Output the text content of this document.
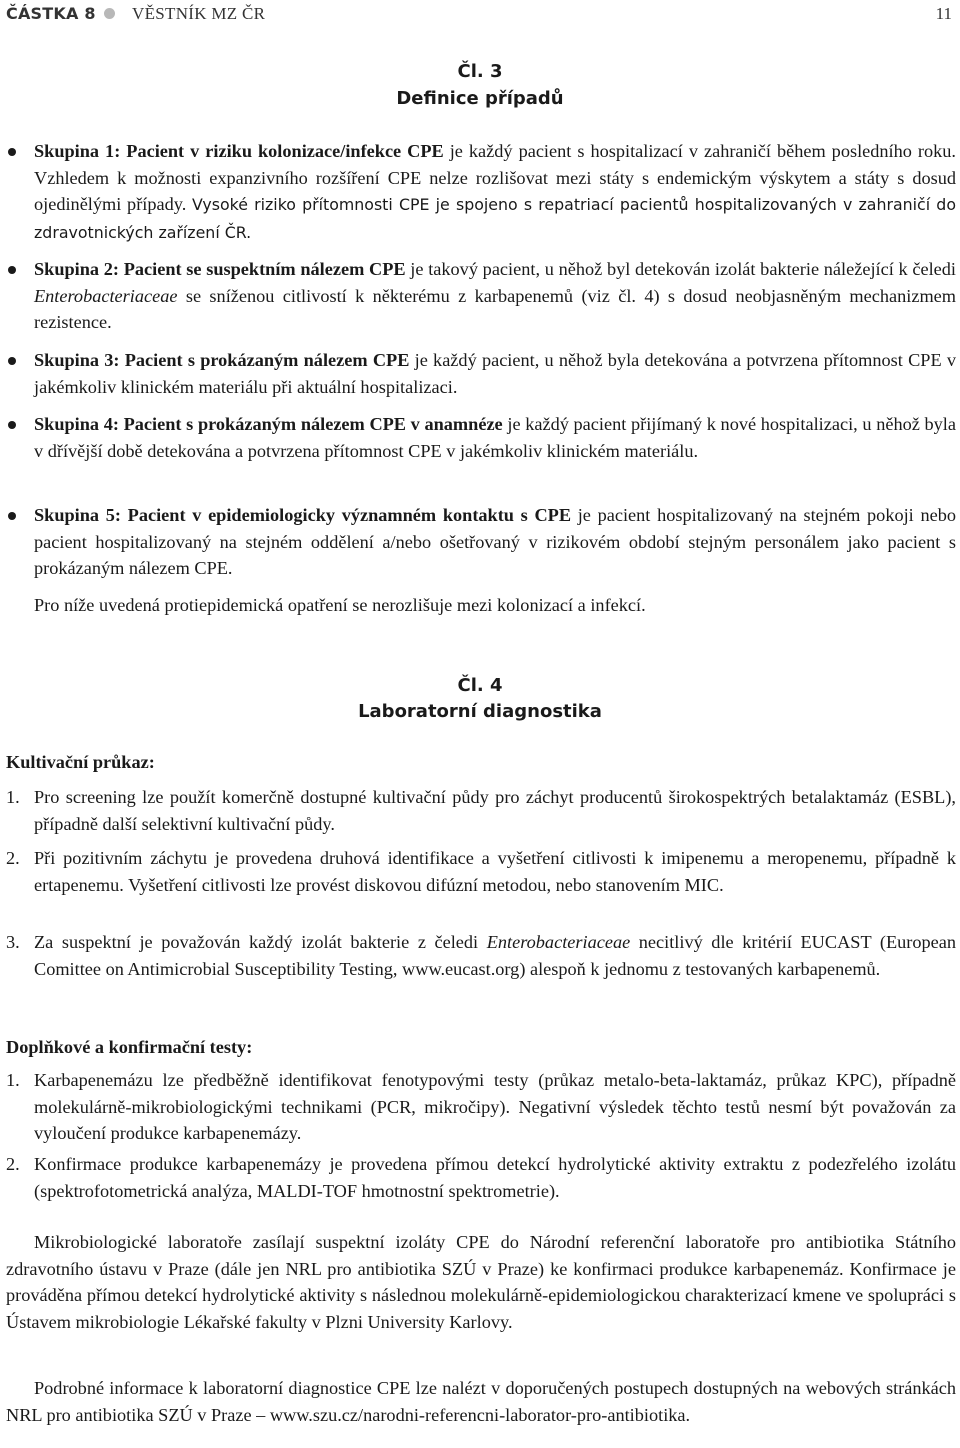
ČÁSTKA 8 VĚSTNÍK MZ ČR	11
Čl. 3
Definice případů
Skupina 1: Pacient v riziku kolonizace/infekce CPE je každý pacient s hospitalizací v zahraničí během posledního roku. Vzhledem k možnosti expanzivního rozšíření CPE nelze rozlišovat mezi státy s endemickým výskytem a státy s dosud ojedinělými případy. Vysoké riziko přítomnosti CPE je spojeno s repatriací pacientů hospitalizovaných v zahraničí do zdravotnických zařízení ČR.
Skupina 2: Pacient se suspektním nálezem CPE je takový pacient, u něhož byl detekován izolát bakterie náležející k čeledi Enterobacteriaceae se sníženou citlivostí k některému z karbapenemů (viz čl. 4) s dosud neobjasněným mechanizmem rezistence.
Skupina 3: Pacient s prokázaným nálezem CPE je každý pacient, u něhož byla detekována a potvrzena přítomnost CPE v jakémkoliv klinickém materiálu při aktuální hospitalizaci.
Skupina 4: Pacient s prokázaným nálezem CPE v anamnéze je každý pacient přijímaný k nové hospitalizaci, u něhož byla v dřívější době detekována a potvrzena přítomnost CPE v jakémkoliv klinickém materiálu.
Skupina 5: Pacient v epidemiologicky významném kontaktu s CPE je pacient hospitalizovaný na stejném pokoji nebo pacient hospitalizovaný na stejném oddělení a/nebo ošetřovaný v rizikovém období stejným personálem jako pacient s prokázaným nálezem CPE.
Pro níže uvedená protiepidemická opatření se nerozlišuje mezi kolonizací a infekcí.
Čl. 4
Laboratorní diagnostika
Kultivační průkaz:
1. Pro screening lze použít komerčně dostupné kultivační půdy pro záchyt producentů širokospektrých betalaktamáz (ESBL), případně další selektivní kultivační půdy.
2. Při pozitivním záchytu je provedena druhová identifikace a vyšetření citlivosti k imipenemu a meropenemu, případně k ertapenemu. Vyšetření citlivosti lze provést diskovou difúzní metodou, nebo stanovením MIC.
3. Za suspektní je považován každý izolát bakterie z čeledi Enterobacteriaceae necitlivý dle kritérií EUCAST (European Comittee on Antimicrobial Susceptibility Testing, www.eucast.org) alespoň k jednomu z testovaných karbapenemů.
Doplňkové a konfirmační testy:
1. Karbapenemázu lze předběžně identifikovat fenotypovými testy (průkaz metalo-beta-laktamáz, průkaz KPC), případně molekulárně-mikrobiologickými technikami (PCR, mikročipy). Negativní výsledek těchto testů nesmí být považován za vyloučení produkce karbapenemázy.
2. Konfirmace produkce karbapenemázy je provedena přímou detekcí hydrolytické aktivity extraktu z podezřelého izolátu (spektrofotometrická analýza, MALDI-TOF hmotnostní spektrometrie).
Mikrobiologické laboratoře zasílají suspektní izoláty CPE do Národní referenční laboratoře pro antibiotika Státního zdravotního ústavu v Praze (dále jen NRL pro antibiotika SZÚ v Praze) ke konfirmaci produkce karbapenemáz. Konfirmace je prováděna přímou detekcí hydrolytické aktivity s následnou molekulárně-epidemiologickou charakterizací kmene ve spolupráci s Ústavem mikrobiologie Lékařské fakulty v Plzni University Karlovy.
Podrobné informace k laboratorní diagnostice CPE lze nalézt v doporučených postupech dostupných na webových stránkách NRL pro antibiotika SZÚ v Praze – www.szu.cz/narodni-referencni-laborator-pro-antibiotika.
